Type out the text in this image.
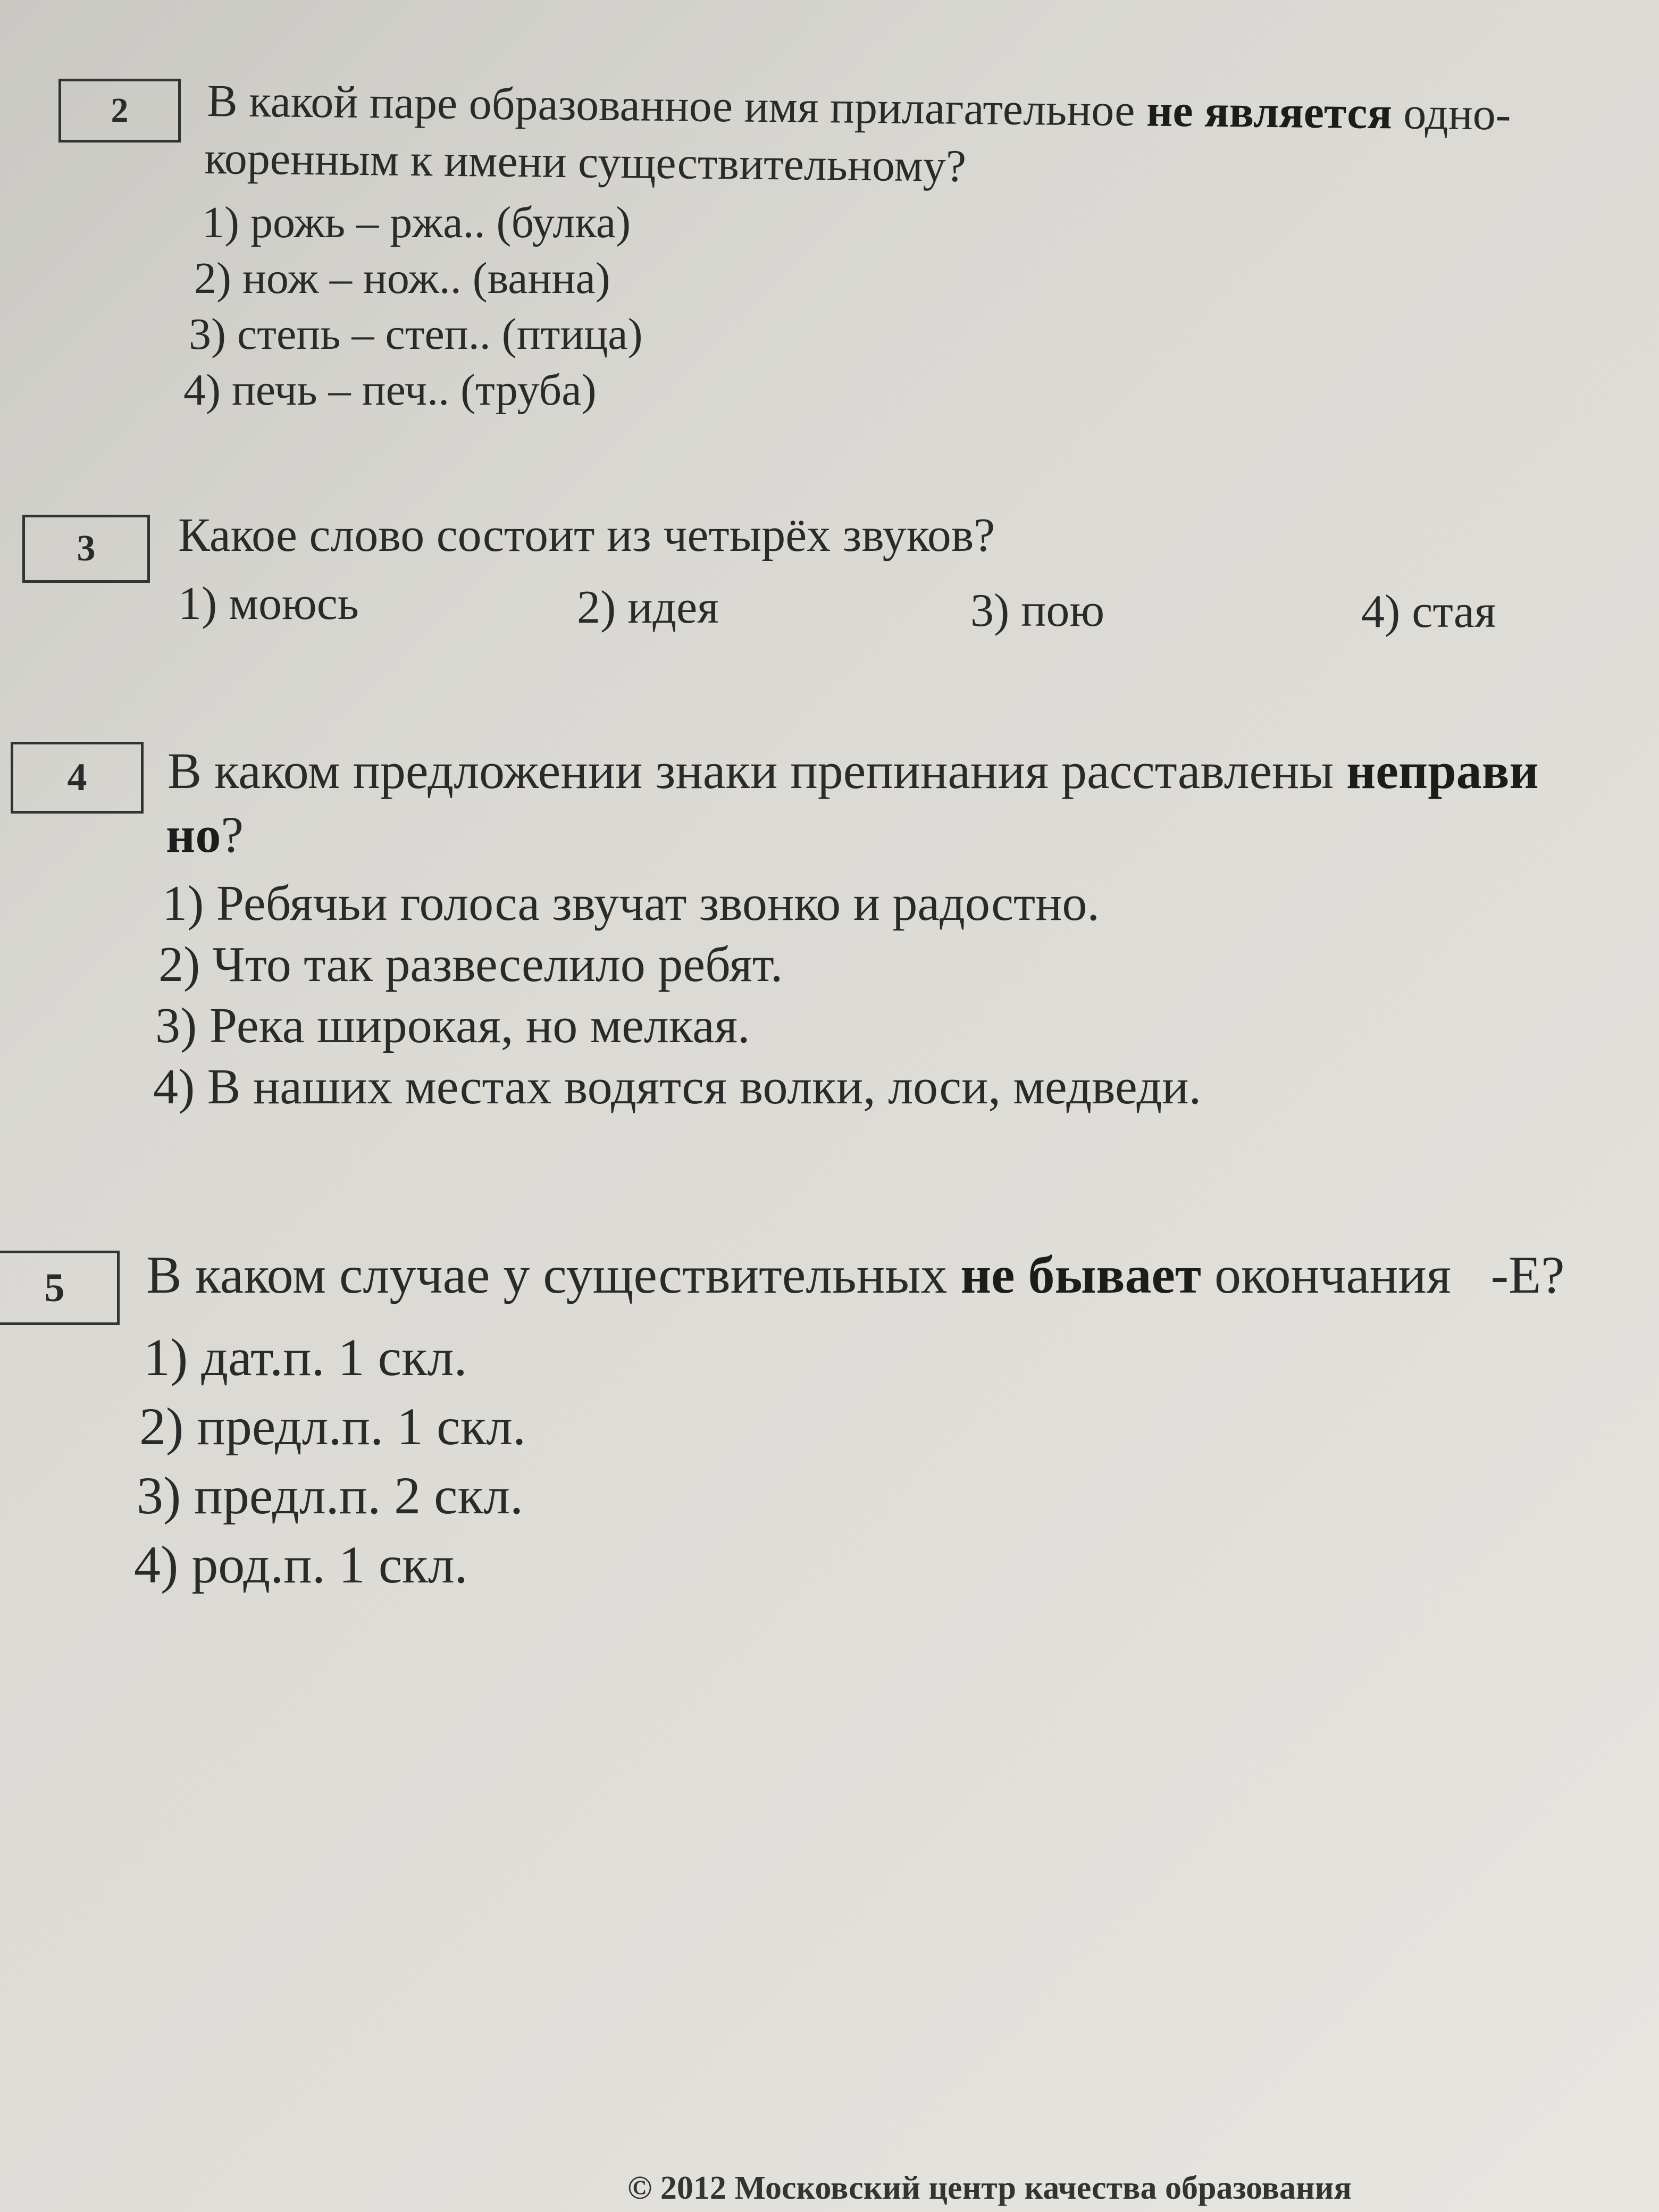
2	В какой паре образованное имя прилагательное не является одно-
коренным к имени существительному?
1) рожь – ржа.. (булка)
2) нож – нож.. (ванна)
3) степь – степ.. (птица)
4) печь – печ.. (труба)
3	Какое слово состоит из четырёх звуков?
1) моюсь	2) идея	3) пою	4) стая
4	В каком предложении знаки препинания расставлены неправи
но?
1) Ребячьи голоса звучат звонко и радостно.
2) Что так развеселило ребят.
3) Река широкая, но мелкая.
4) В наших местах водятся волки, лоси, медведи.
5	В каком случае у существительных не бывает окончания   -Е?
1) дат.п. 1 скл.
2) предл.п. 1 скл.
3) предл.п. 2 скл.
4) род.п. 1 скл.
© 2012 Московский центр качества образования
